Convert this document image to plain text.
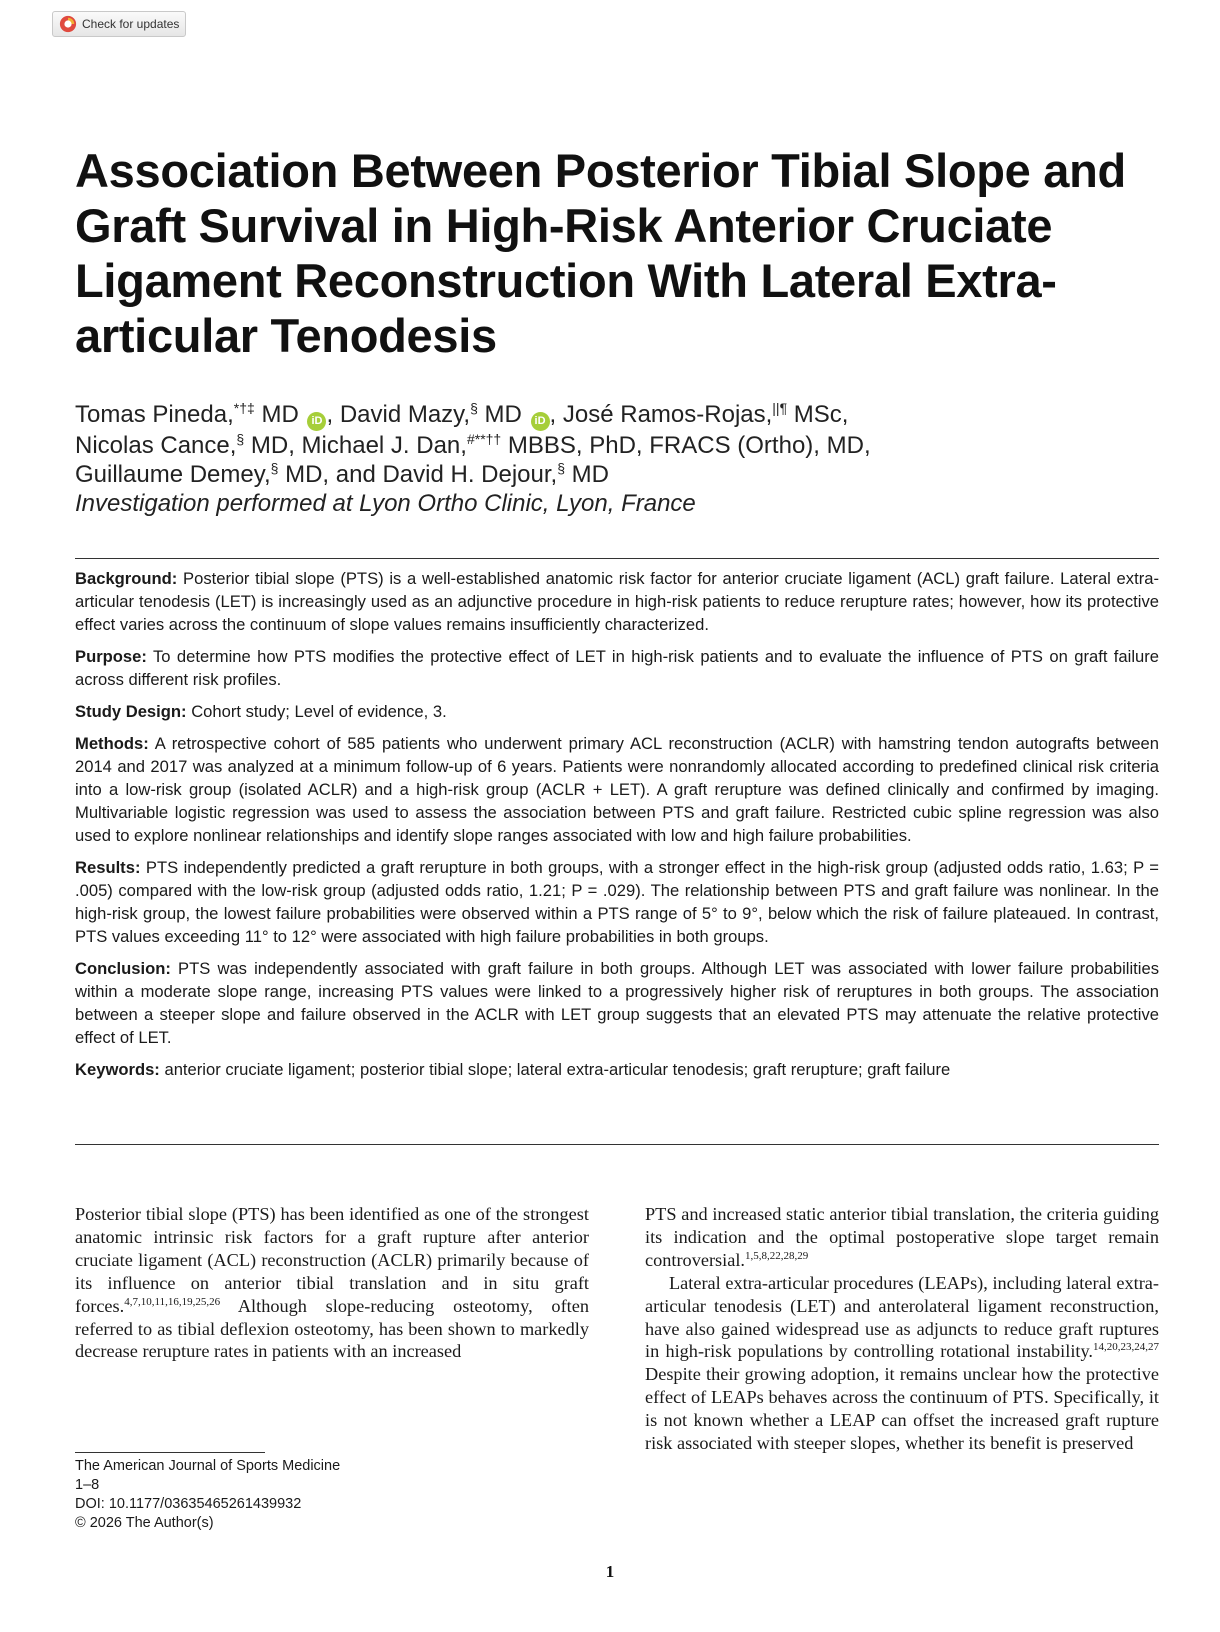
Check for updates
Association Between Posterior Tibial Slope and Graft Survival in High-Risk Anterior Cruciate Ligament Reconstruction With Lateral Extra-articular Tenodesis
Tomas Pineda,*†‡ MD iD , David Mazy,§ MD iD , José Ramos-Rojas,||¶ MSc,
Nicolas Cance,§ MD, Michael J. Dan,#**†† MBBS, PhD, FRACS (Ortho), MD,
Guillaume Demey,§ MD, and David H. Dejour,§ MD
Investigation performed at Lyon Ortho Clinic, Lyon, France

Background: Posterior tibial slope (PTS) is a well-established anatomic risk factor for anterior cruciate ligament (ACL) graft failure. Lateral extra-articular tenodesis (LET) is increasingly used as an adjunctive procedure in high-risk patients to reduce rerupture rates; however, how its protective effect varies across the continuum of slope values remains insufficiently characterized.

Purpose: To determine how PTS modifies the protective effect of LET in high-risk patients and to evaluate the influence of PTS on graft failure across different risk profiles.

Study Design: Cohort study; Level of evidence, 3.

Methods: A retrospective cohort of 585 patients who underwent primary ACL reconstruction (ACLR) with hamstring tendon autografts between 2014 and 2017 was analyzed at a minimum follow-up of 6 years. Patients were nonrandomly allocated according to predefined clinical risk criteria into a low-risk group (isolated ACLR) and a high-risk group (ACLR + LET). A graft rerupture was defined clinically and confirmed by imaging. Multivariable logistic regression was used to assess the association between PTS and graft failure. Restricted cubic spline regression was also used to explore nonlinear relationships and identify slope ranges associated with low and high failure probabilities.

Results: PTS independently predicted a graft rerupture in both groups, with a stronger effect in the high-risk group (adjusted odds ratio, 1.63; P = .005) compared with the low-risk group (adjusted odds ratio, 1.21; P = .029). The relationship between PTS and graft failure was nonlinear. In the high-risk group, the lowest failure probabilities were observed within a PTS range of 5° to 9°, below which the risk of failure plateaued. In contrast, PTS values exceeding 11° to 12° were associated with high failure probabilities in both groups.

Conclusion: PTS was independently associated with graft failure in both groups. Although LET was associated with lower failure probabilities within a moderate slope range, increasing PTS values were linked to a progressively higher risk of reruptures in both groups. The association between a steeper slope and failure observed in the ACLR with LET group suggests that an elevated PTS may attenuate the relative protective effect of LET.

Keywords: anterior cruciate ligament; posterior tibial slope; lateral extra-articular tenodesis; graft rerupture; graft failure

Posterior tibial slope (PTS) has been identified as one of the strongest anatomic intrinsic risk factors for a graft rupture after anterior cruciate ligament (ACL) reconstruction (ACLR) primarily because of its influence on anterior tibial translation and in situ graft forces.$^{4,7,10,11,16,19,25,26}$ Although slope-reducing osteotomy, often referred to as tibial deflexion osteotomy, has been shown to markedly decrease rerupture rates in patients with an increased

PTS and increased static anterior tibial translation, the criteria guiding its indication and the optimal postoperative slope target remain controversial.$^{1,5,8,22,28,29}$

Lateral extra-articular procedures (LEAPs), including lateral extra-articular tenodesis (LET) and anterolateral ligament reconstruction, have also gained widespread use as adjuncts to reduce graft ruptures in high-risk populations by controlling rotational instability.$^{14,20,23,24,27}$ Despite their growing adoption, it remains unclear how the protective effect of LEAPs behaves across the continuum of PTS. Specifically, it is not known whether a LEAP can offset the increased graft rupture risk associated with steeper slopes, whether its benefit is preserved

The American Journal of Sports Medicine
1–8
DOI: 10.1177/03635465261439932
© 2026 The Author(s)
1
